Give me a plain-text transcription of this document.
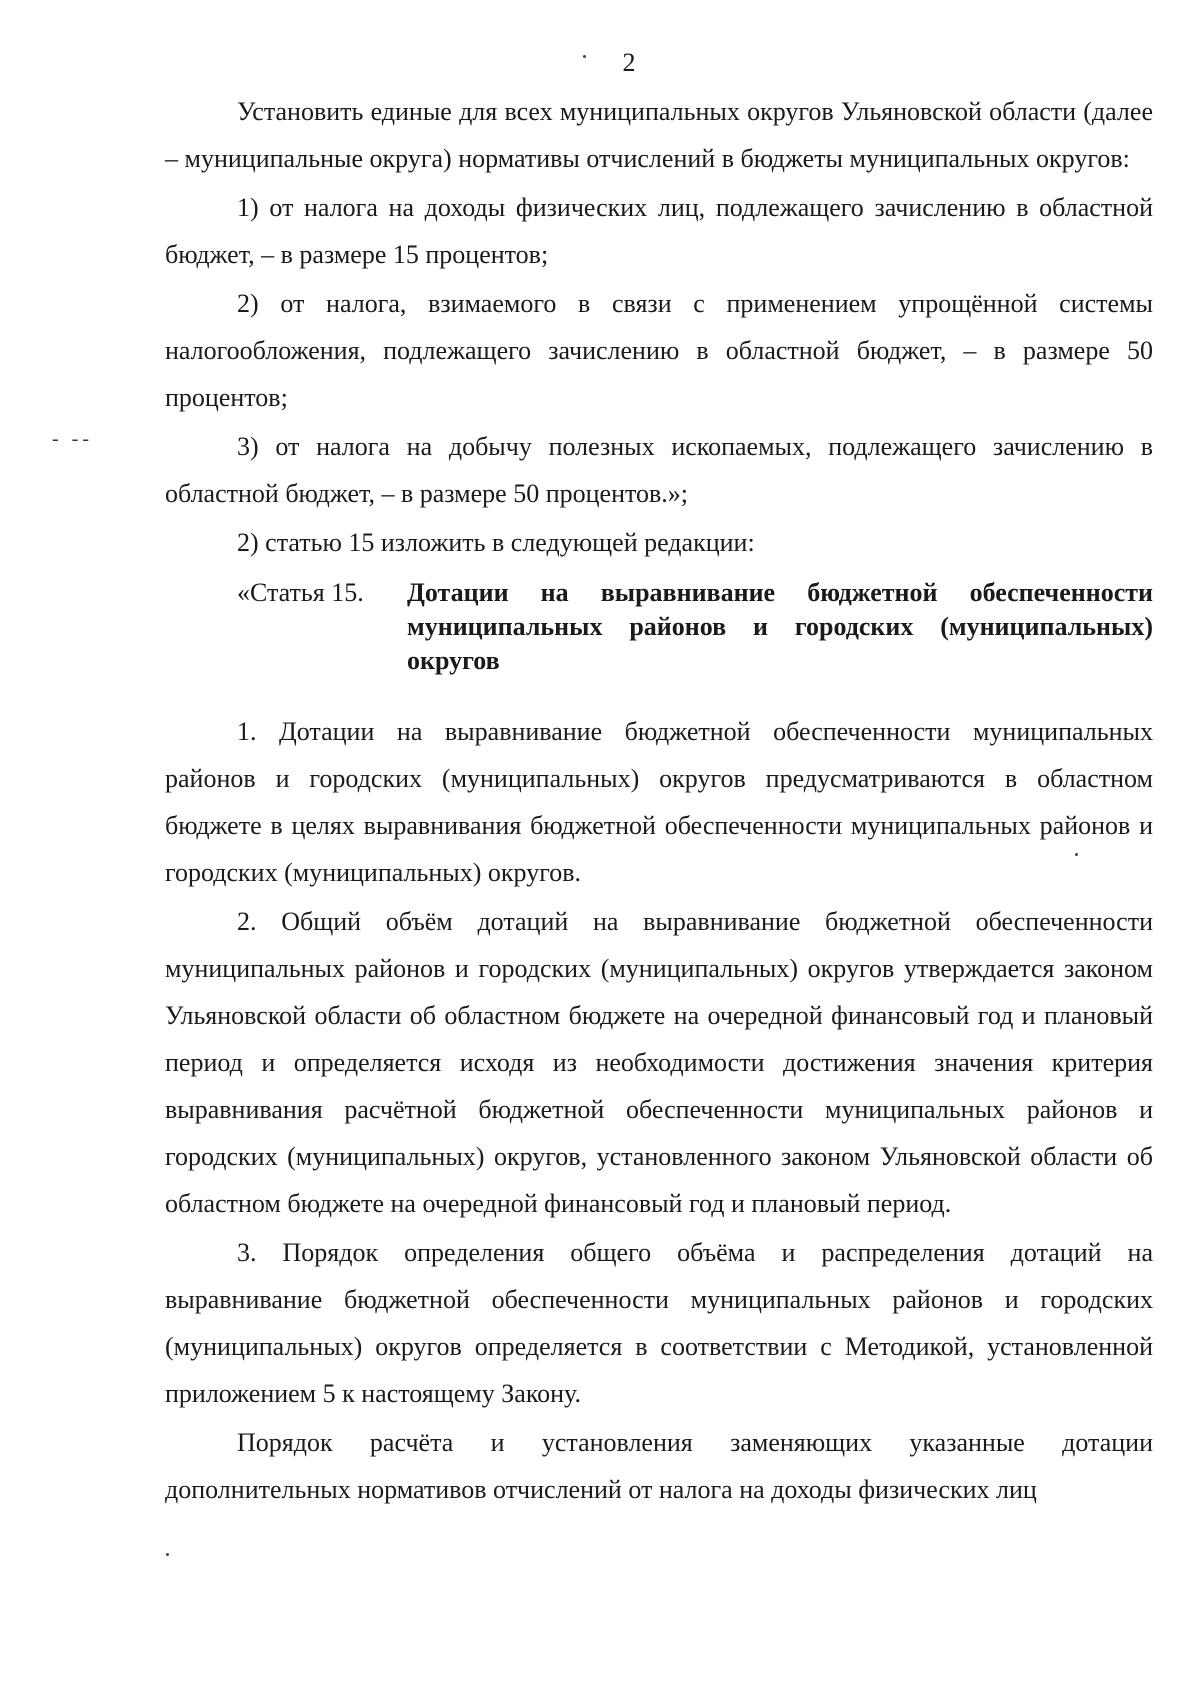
2
- --

Установить единые для всех муниципальных округов Ульяновской области (далее – муниципальные округа) нормативы отчислений в бюджеты муниципальных округов:

1) от налога на доходы физических лиц, подлежащего зачислению в областной бюджет, – в размере 15 процентов;

2) от налога, взимаемого в связи с применением упрощённой системы налогообложения, подлежащего зачислению в областной бюджет, – в размере 50 процентов;

3) от налога на добычу полезных ископаемых, подлежащего зачислению в областной бюджет, – в размере 50 процентов.»;

2) статью 15 изложить в следующей редакции:

«Статья 15.	Дотации на выравнивание бюджетной обеспеченности муниципальных районов и городских (муниципальных) округов

1. Дотации на выравнивание бюджетной обеспеченности муниципальных районов и городских (муниципальных) округов предусматриваются в областном бюджете в целях выравнивания бюджетной обеспеченности муниципальных районов и городских (муниципальных) округов.

2. Общий объём дотаций на выравнивание бюджетной обеспеченности муниципальных районов и городских (муниципальных) округов утверждается законом Ульяновской области об областном бюджете на очередной финансовый год и плановый период и определяется исходя из необходимости достижения значения критерия выравнивания расчётной бюджетной обеспеченности муниципальных районов и городских (муниципальных) округов, установленного законом Ульяновской области об областном бюджете на очередной финансовый год и плановый период.

3. Порядок определения общего объёма и распределения дотаций на выравнивание бюджетной обеспеченности муниципальных районов и городских (муниципальных) округов определяется в соответствии с Методикой, установленной приложением 5 к настоящему Закону.

Порядок расчёта и установления заменяющих указанные дотации дополнительных нормативов отчислений от налога на доходы физических лиц
